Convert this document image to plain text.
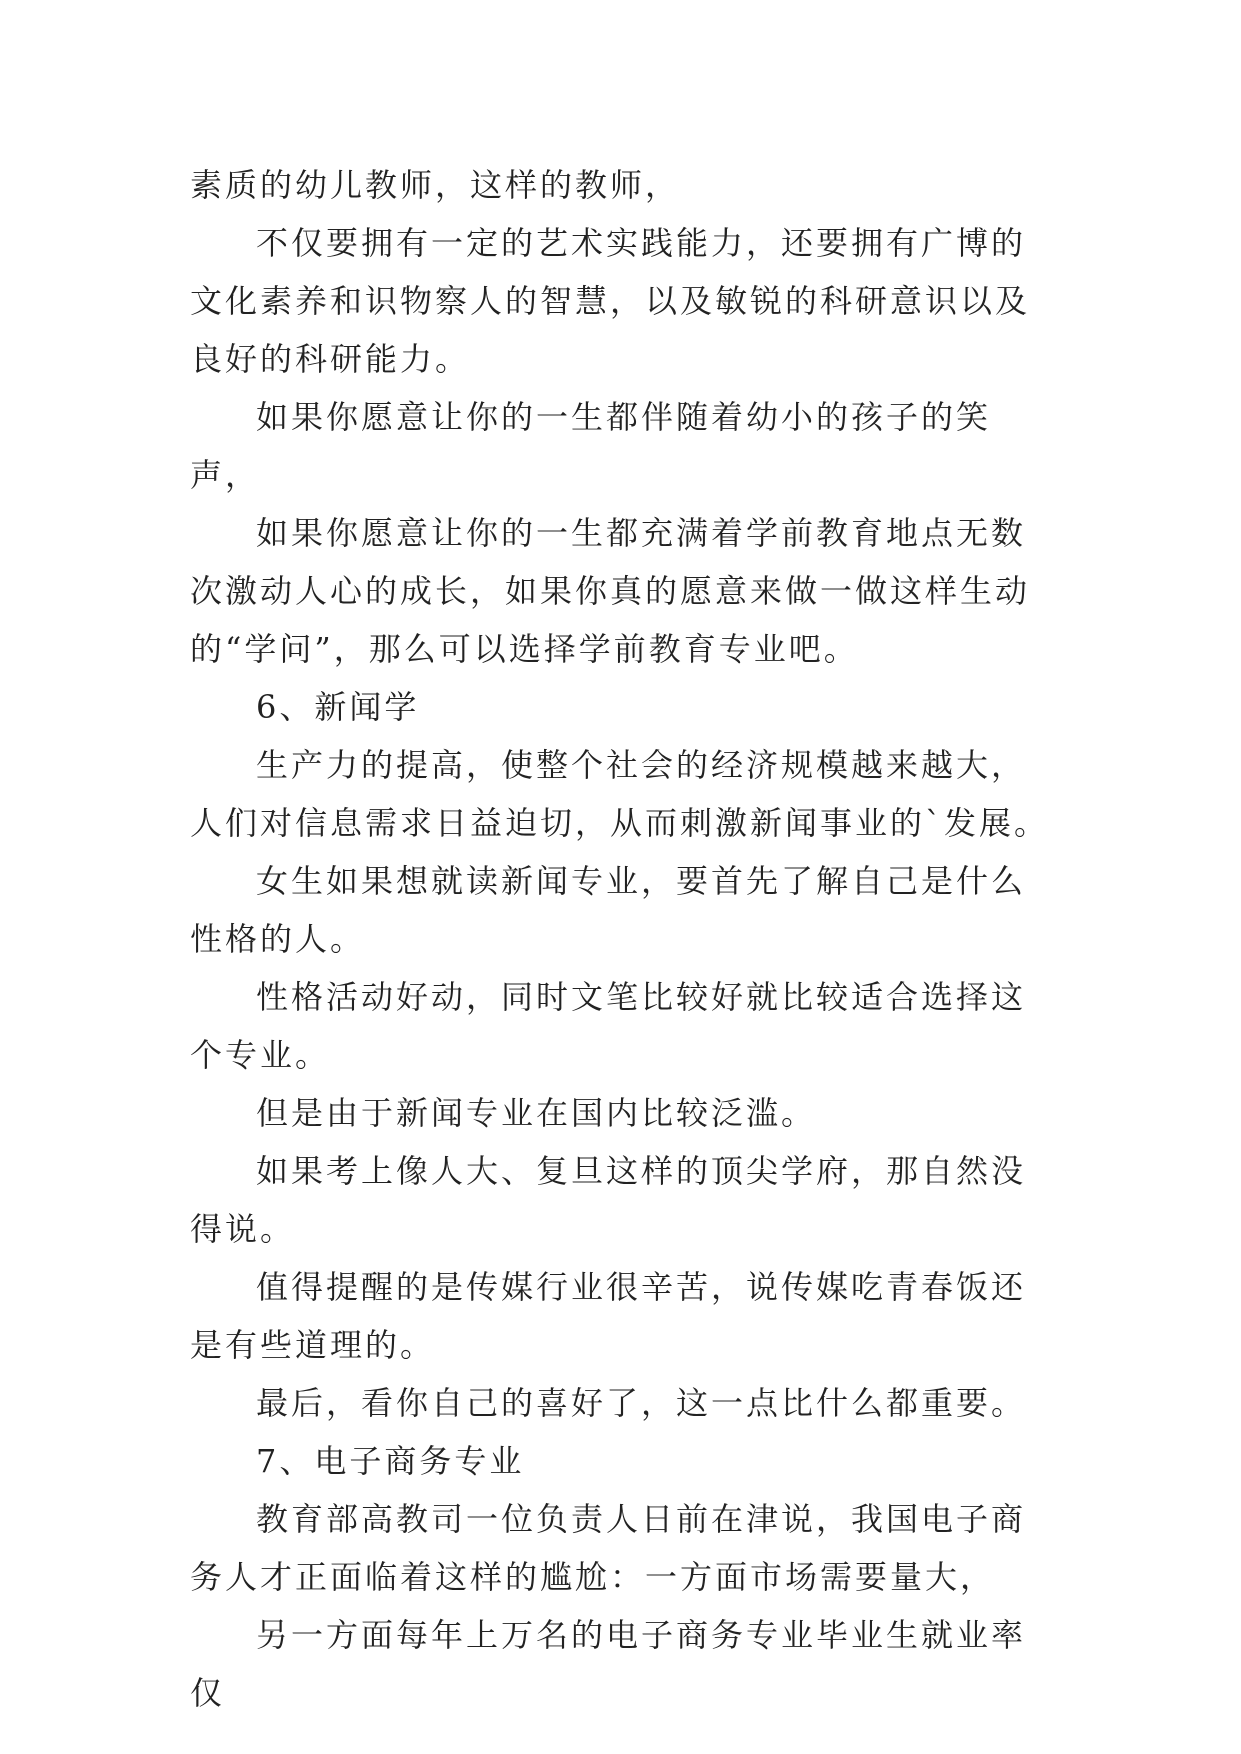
素质的幼儿教师，这样的教师，

不仅要拥有一定的艺术实践能力，还要拥有广博的文化素养和识物察人的智慧，以及敏锐的科研意识以及良好的科研能力。

如果你愿意让你的一生都伴随着幼小的孩子的笑声，

如果你愿意让你的一生都充满着学前教育地点无数次激动人心的成长，如果你真的愿意来做一做这样生动的“学问”，那么可以选择学前教育专业吧。

6、新闻学

生产力的提高，使整个社会的经济规模越来越大，人们对信息需求日益迫切，从而刺激新闻事业的`发展。

女生如果想就读新闻专业，要首先了解自己是什么性格的人。

性格活动好动，同时文笔比较好就比较适合选择这个专业。

但是由于新闻专业在国内比较泛滥。

如果考上像人大、复旦这样的顶尖学府，那自然没得说。

值得提醒的是传媒行业很辛苦，说传媒吃青春饭还是有些道理的。

最后，看你自己的喜好了，这一点比什么都重要。

7、电子商务专业

教育部高教司一位负责人日前在津说，我国电子商务人才正面临着这样的尴尬：一方面市场需要量大，

另一方面每年上万名的电子商务专业毕业生就业率仅
